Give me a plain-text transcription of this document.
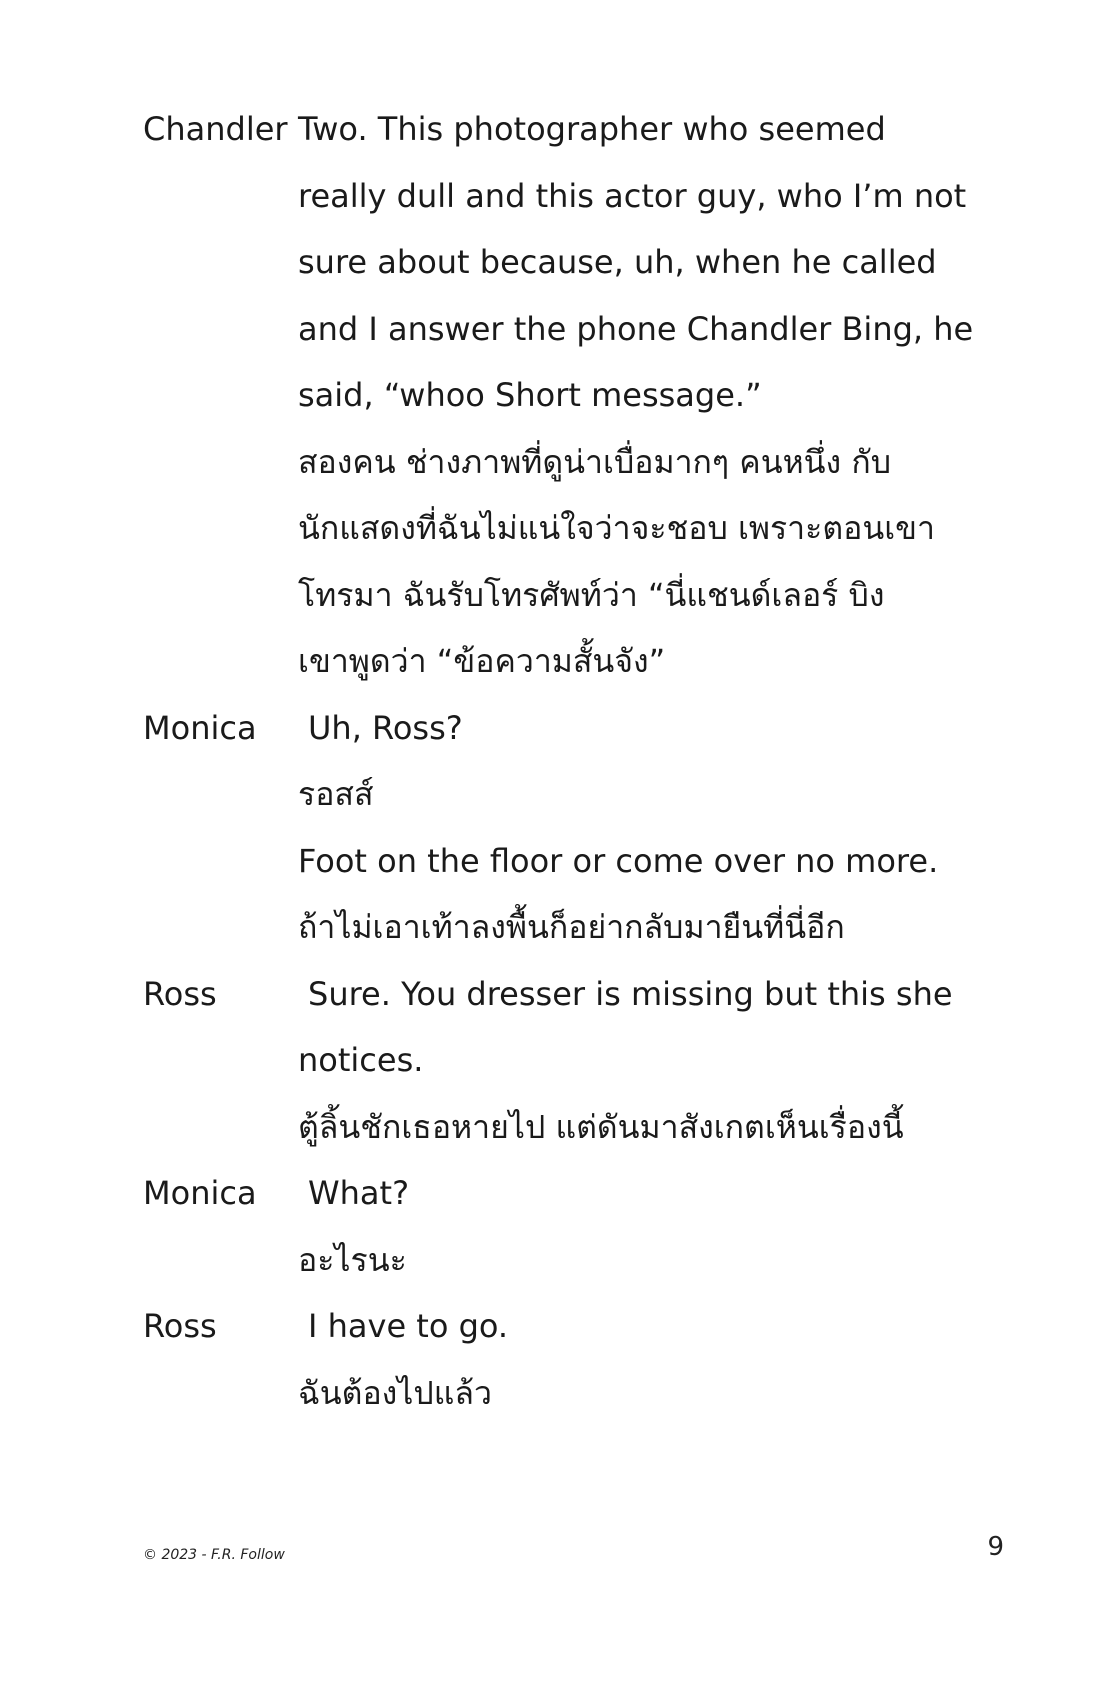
Chandler Two. This photographer who seemed
really dull and this actor guy, who I’m not
sure about because, uh, when he called
and I answer the phone Chandler Bing, he
said, “whoo Short message.”
สองคน ช่างภาพที่ดูน่าเบื่อมากๆ คนหนึ่ง กับ
นักแสดงที่ฉันไม่แน่ใจว่าจะชอบ เพราะตอนเขา
โทรมา ฉันรับโทรศัพท์ว่า “นี่แชนด์เลอร์ บิง
เขาพูดว่า “ข้อความสั้นจัง”
Monica	Uh, Ross?
รอสส์
Foot on the floor or come over no more.
ถ้าไม่เอาเท้าลงพื้นก็อย่ากลับมายืนที่นี่อีก
Ross	Sure. You dresser is missing but this she
notices.
ตู้ลิ้นชักเธอหายไป แต่ดันมาสังเกตเห็นเรื่องนี้
Monica	What?
อะไรนะ
Ross	I have to go.
ฉันต้องไปแล้ว
© 2023 - F.R. Follow	9
